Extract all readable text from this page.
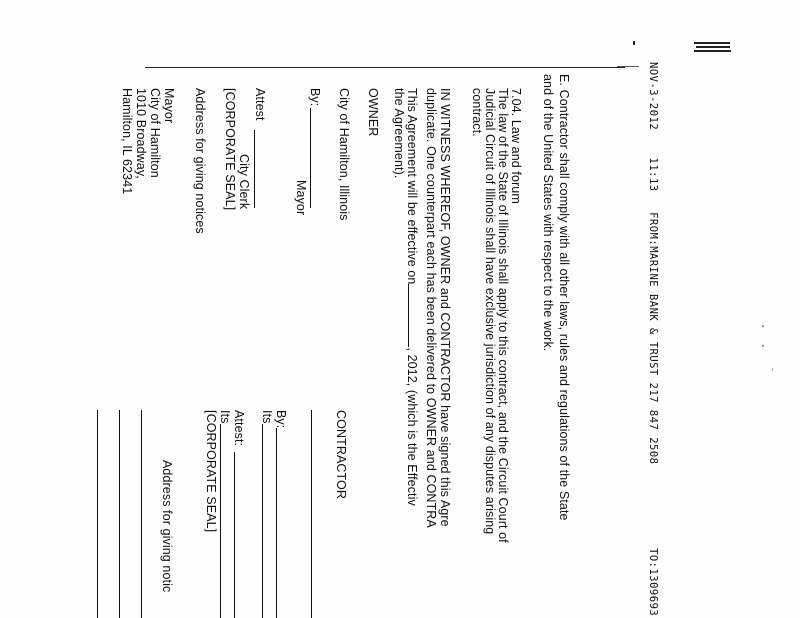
NOV-3-2012    11:13   FROM:MARINE BANK & TRUST 217 847 2508
TO:1309693
E. Contractor shall comply with all other laws, rules and regulations of the State
and of the United States with respect to the work.
7.04. Law and forum
The law of the State of Illinois shall apply to this contract, and the Circuit Court of
Judicial Circuit of Illinois shall have exclusive jurisdiction of any disputes arising
contract.
IN WITNESS WHEREOF, OWNER and CONTRACTOR have signed this Agre
duplicate. One counterpart each has been delivered to OWNER and CONTRA
This Agreement will be effective on, 2012, (which is the Effectiv
the Agreement).
OWNER
City of Hamilton, Illinois
By:
Mayor
Attest
City Clerk
[CORPORATE SEAL]
Address for giving notices
Mayor
City of Hamilton
1010 Broadway,
Hamilton, IL 62341
CONTRACTOR
By:
Its
Attest:
Its
[CORPORATE SEAL]
Address for giving notic
